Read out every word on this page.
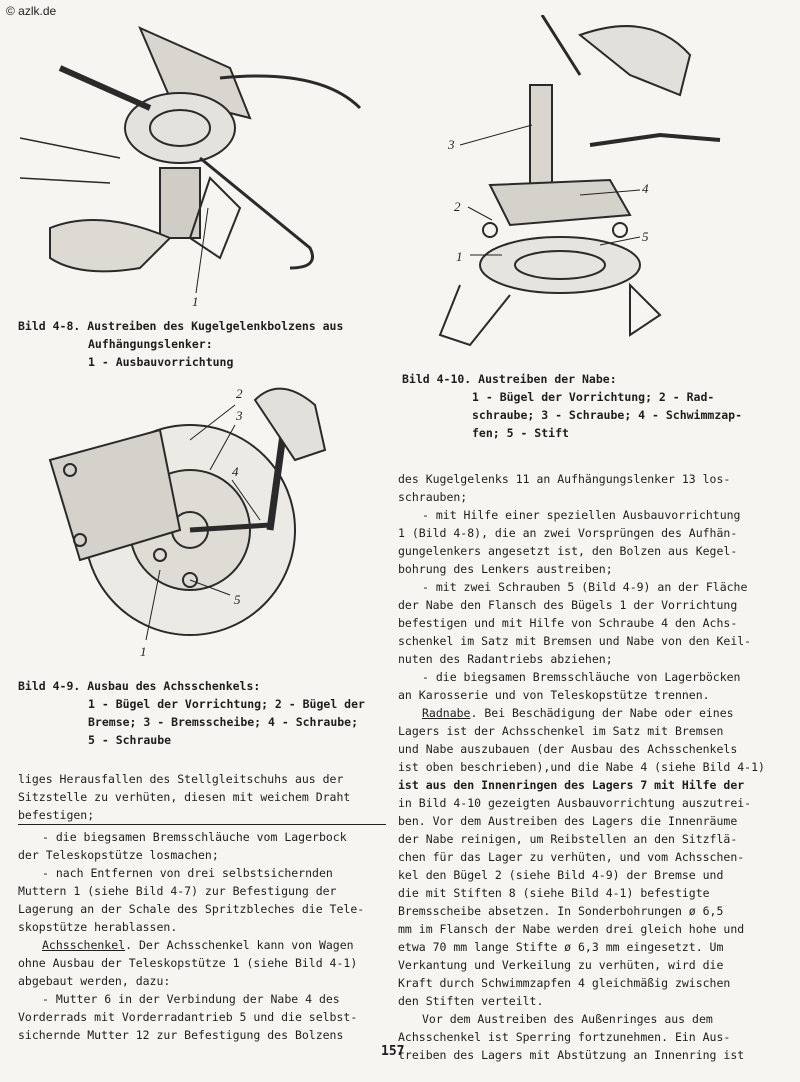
© azlk.de
1
Bild 4-8. Austreiben des Kugelgelenkbolzens aus
Aufhängungslenker:
1 - Ausbauvorrichtung
2
3
4
5
1
Bild 4-9. Ausbau des Achsschenkels:
1 - Bügel der Vorrichtung; 2 - Bügel der
Bremse; 3 - Bremsscheibe; 4 - Schraube;
5 - Schraube
3
4
2
5
1
Bild 4-10. Austreiben der Nabe:
1 - Bügel der Vorrichtung; 2 - Rad-
schraube; 3 - Schraube; 4 - Schwimmzap-
fen; 5 - Stift

liges Herausfallen des Stellgleitschuhs aus der

Sitzstelle zu verhüten, diesen mit weichem Draht

befestigen;

- die biegsamen Bremsschläuche vom Lagerbock

der Teleskopstütze losmachen;

- nach Entfernen von drei selbstsichernden

Muttern 1 (siehe Bild 4-7) zur Befestigung der

Lagerung an der Schale des Spritzbleches die Tele-

skopstütze herablassen.

Achsschenkel. Der Achsschenkel kann von Wagen

ohne Ausbau der Teleskopstütze 1 (siehe Bild 4-1)

abgebaut werden, dazu:

- Mutter 6 in der Verbindung der Nabe 4 des

Vorderrads mit Vorderradantrieb 5 und die selbst-

sichernde Mutter 12 zur Befestigung des Bolzens

des Kugelgelenks 11 an Aufhängungslenker 13 los-

schrauben;

- mit Hilfe einer speziellen Ausbauvorrichtung

1 (Bild 4-8), die an zwei Vorsprüngen des Aufhän-

gungelenkers angesetzt ist, den Bolzen aus Kegel-

bohrung des Lenkers austreiben;

- mit zwei Schrauben 5 (Bild 4-9) an der Fläche

der Nabe den Flansch des Bügels 1 der Vorrichtung

befestigen und mit Hilfe von Schraube 4 den Achs-

schenkel im Satz mit Bremsen und Nabe von den Keil-

nuten des Radantriebs abziehen;

- die biegsamen Bremsschläuche von Lagerböcken

an Karosserie und von Teleskopstütze trennen.

Radnabe. Bei Beschädigung der Nabe oder eines

Lagers ist der Achsschenkel im Satz mit Bremsen

und Nabe auszubauen (der Ausbau des Achsschenkels

ist oben beschrieben),und die Nabe 4 (siehe Bild 4-1)

ist aus den Innenringen des Lagers 7 mit Hilfe der

in Bild 4-10 gezeigten Ausbauvorrichtung auszutrei-

ben. Vor dem Austreiben des Lagers die Innenräume

der Nabe reinigen, um Reibstellen an den Sitzflä-

chen für das Lager zu verhüten, und vom Achsschen-

kel den Bügel 2 (siehe Bild 4-9) der Bremse und

die mit Stiften 8 (siehe Bild 4-1) befestigte

Bremsscheibe absetzen. In Sonderbohrungen ø 6,5

mm im Flansch der Nabe werden drei gleich hohe und

etwa 70 mm lange Stifte ø 6,3 mm eingesetzt. Um

Verkantung und Verkeilung zu verhüten, wird die

Kraft durch Schwimmzapfen 4 gleichmäßig zwischen

den Stiften verteilt.

Vor dem Austreiben des Außenringes aus dem

Achsschenkel ist Sperring fortzunehmen. Ein Aus-

treiben des Lagers mit Abstützung an Innenring ist

157
